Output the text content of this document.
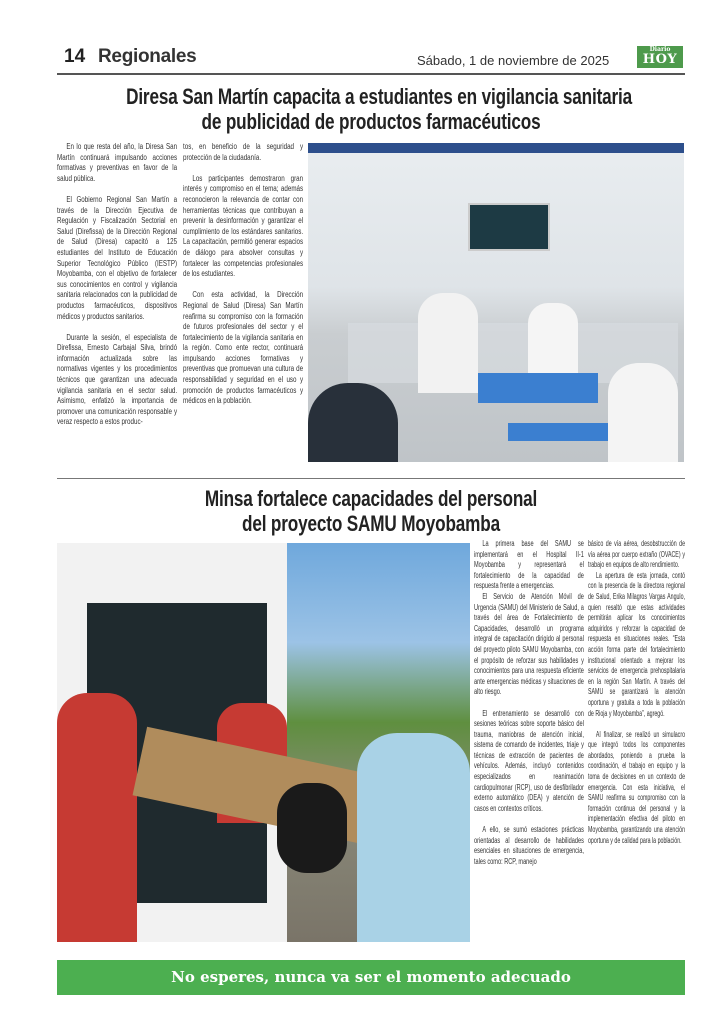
14 Regionales	Sábado, 1 de noviembre de 2025
Diario
HOY
Diresa San Martín capacita a estudiantes en vigilancia sanitaria
de publicidad de productos farmacéuticos

En lo que resta del año, la Diresa San Martín continuará impulsando acciones formativas y preventivas en favor de la salud pública.

El Gobierno Regional San Martín a través de la Dirección Ejecutiva de Regulación y Fiscalización Sectorial en Salud (Direfissa) de la Dirección Regional de Salud (Diresa) capacitó a 125 estudiantes del Instituto de Educación Superior Tecnológico Público (IESTP) Moyobamba, con el objetivo de fortalecer sus conocimientos en control y vigilancia sanitaria relacionados con la publicidad de productos farmacéuticos, dispositivos médicos y productos sanitarios.

Durante la sesión, el especialista de Direfissa, Ernesto Carbajal Silva, brindó información actualizada sobre las normativas vigentes y los procedimientos técnicos que garantizan una adecuada vigilancia sanitaria en el sector salud. Asimismo, enfatizó la importancia de promover una comunicación responsable y veraz respecto a estos produc-

tos, en beneficio de la seguridad y protección de la ciudadanía.

Los participantes demostraron gran interés y compromiso en el tema; además reconocieron la relevancia de contar con herramientas técnicas que contribuyan a prevenir la desinformación y garantizar el cumplimiento de los estándares sanitarios. La capacitación, permitió generar espacios de diálogo para absolver consultas y fortalecer las competencias profesionales de los estudiantes.

Con esta actividad, la Dirección Regional de Salud (Diresa) San Martín reafirma su compromiso con la formación de futuros profesionales del sector y el fortalecimiento de la vigilancia sanitaria en la región. Como ente rector, continuará impulsando acciones formativas y preventivas que promuevan una cultura de responsabilidad y seguridad en el uso y promoción de productos farmacéuticos y médicos en la población.

Minsa fortalece capacidades del personal
del proyecto SAMU Moyobamba

La primera base del SAMU se implementará en el Hospital II-1 Moyobamba y representará el fortalecimiento de la capacidad de respuesta frente a emergencias.

El Servicio de Atención Móvil de Urgencia (SAMU) del Ministerio de Salud, a través del área de Fortalecimiento de Capacidades, desarrolló un programa integral de capacitación dirigido al personal del proyecto piloto SAMU Moyobamba, con el propósito de reforzar sus habilidades y conocimientos para una respuesta eficiente ante emergencias médicas y situaciones de alto riesgo.

El entrenamiento se desarrolló con sesiones teóricas sobre soporte básico del trauma, maniobras de atención inicial, sistema de comando de incidentes, triaje y técnicas de extracción de pacientes de vehículos. Además, incluyó contenidos especializados en reanimación cardiopulmonar (RCP), uso de desfibrilador externo automático (DEA) y atención de casos en contextos críticos.

A ello, se sumó estaciones prácticas orientadas al desarrollo de habilidades esenciales en situaciones de emergencia, tales como: RCP, manejo

básico de vía aérea, desobstrucción de vía aérea por cuerpo extraño (OVACE) y trabajo en equipos de alto rendimiento.

La apertura de esta jornada, contó con la presencia de la directora regional de Salud, Erika Milagros Vargas Angulo, quien resaltó que estas actividades permitirán aplicar los conocimientos adquiridos y reforzar la capacidad de respuesta en situaciones reales. “Esta acción forma parte del fortalecimiento institucional orientado a mejorar los servicios de emergencia prehospitalaria en la región San Martín. A través del SAMU se garantizará la atención oportuna y gratuita a toda la población de Rioja y Moyobamba”, agregó.

Al finalizar, se realizó un simulacro que integró todos los componentes abordados, poniendo a prueba la coordinación, el trabajo en equipo y la toma de decisiones en un contexto de emergencia. Con esta iniciativa, el SAMU reafirma su compromiso con la formación continua del personal y la implementación efectiva del piloto en Moyobamba, garantizando una atención oportuna y de calidad para la población.

No esperes, nunca va ser el momento adecuado
